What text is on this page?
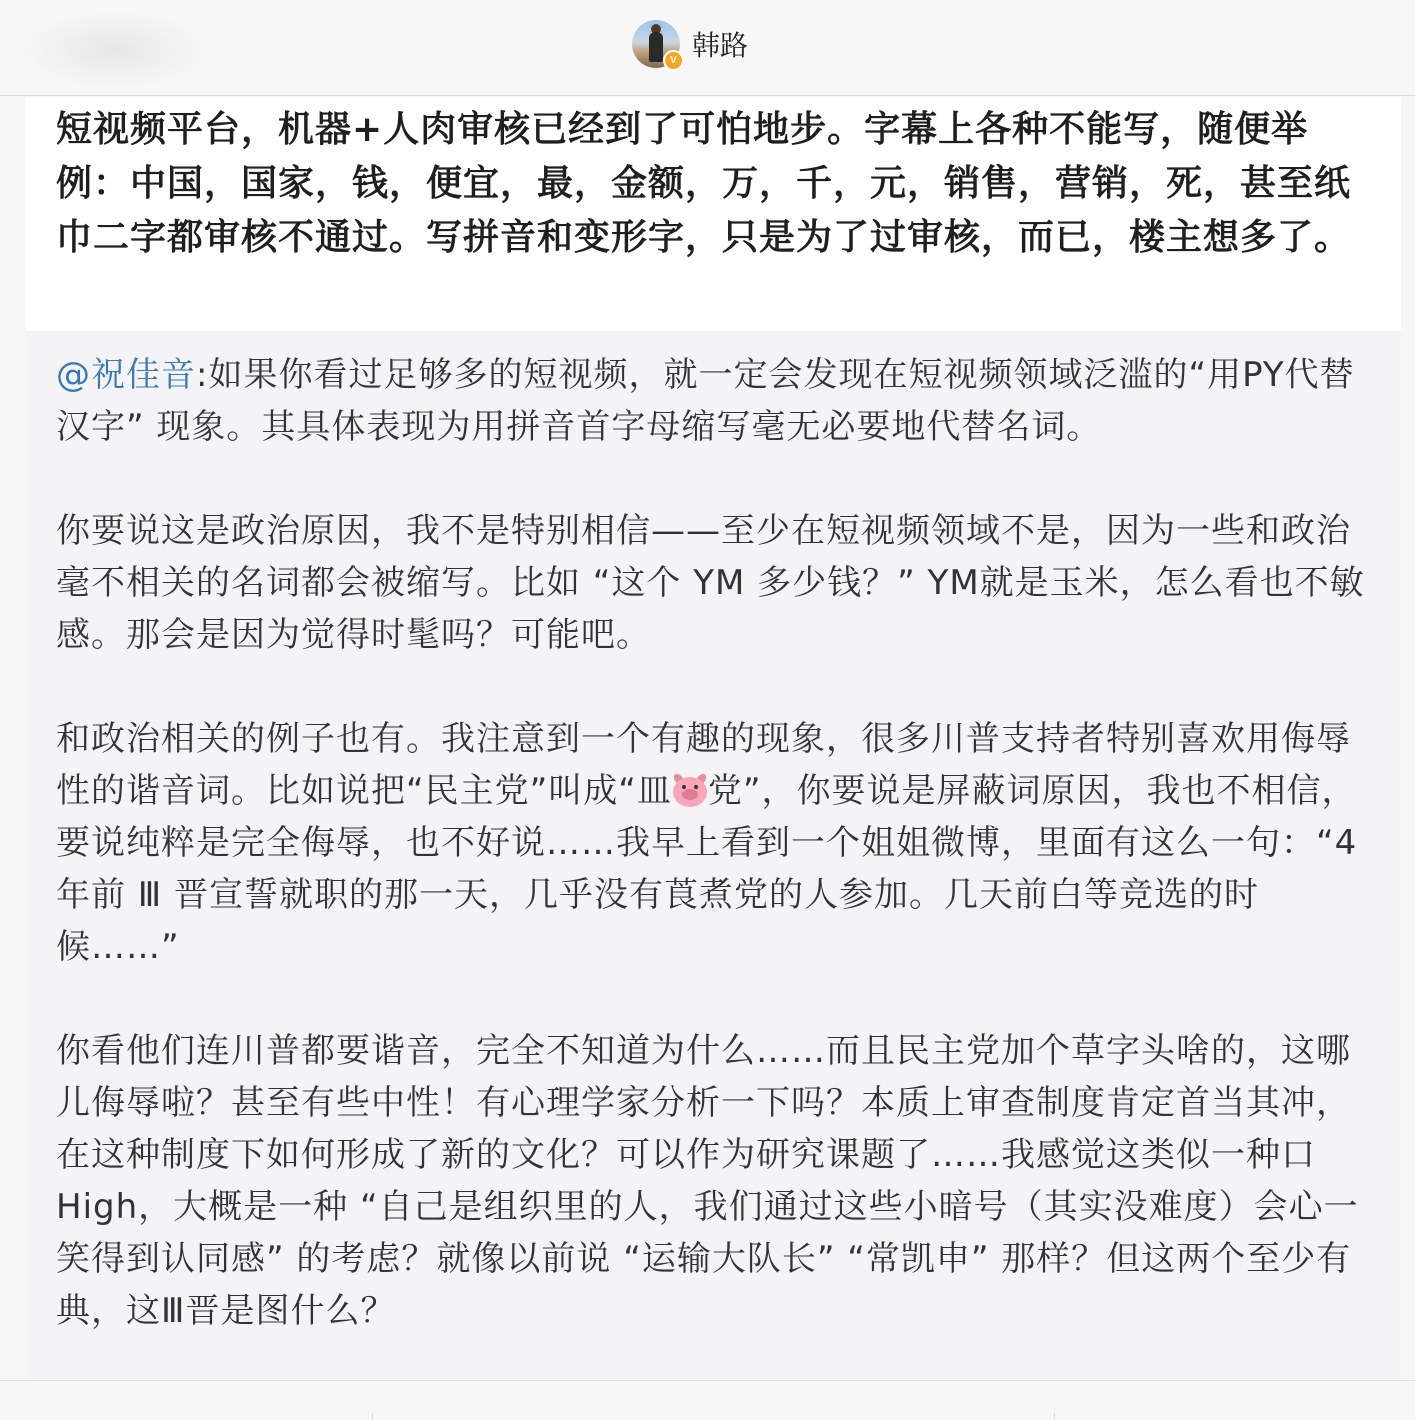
V 韩路

短视频平台，机器+人肉审核已经到了可怕地步。字幕上各种不能写，随便举例：中国，国家，钱，便宜，最，金额，万，千，元，销售，营销，死，甚至纸巾二字都审核不通过。写拼音和变形字，只是为了过审核，而已，楼主想多了。

@祝佳音:如果你看过足够多的短视频，就一定会发现在短视频领域泛滥的“用PY代替汉字” 现象。其具体表现为用拼音首字母缩写毫无必要地代替名词。

你要说这是政治原因，我不是特别相信——至少在短视频领域不是，因为一些和政治毫不相关的名词都会被缩写。比如 “这个 YM 多少钱？” YM就是玉米，怎么看也不敏感。那会是因为觉得时髦吗？可能吧。

和政治相关的例子也有。我注意到一个有趣的现象，很多川普支持者特别喜欢用侮辱性的谐音词。比如说把“民主党”叫成“皿 党”，你要说是屏蔽词原因，我也不相信，要说纯粹是完全侮辱，也不好说……我早上看到一个姐姐微博，里面有这么一句：“4 年前 Ⅲ 晋宣誓就职的那一天，几乎没有莨煮党的人参加。几天前白等竞选的时候……”

你看他们连川普都要谐音，完全不知道为什么……而且民主党加个草字头啥的，这哪儿侮辱啦？甚至有些中性！有心理学家分析一下吗？本质上审查制度肯定首当其冲，在这种制度下如何形成了新的文化？可以作为研究课题了……我感觉这类似一种口High，大概是一种 “自己是组织里的人，我们通过这些小暗号（其实没难度）会心一笑得到认同感” 的考虑？就像以前说 “运输大队长” “常凯申” 那样？但这两个至少有典，这Ⅲ晋是图什么？
